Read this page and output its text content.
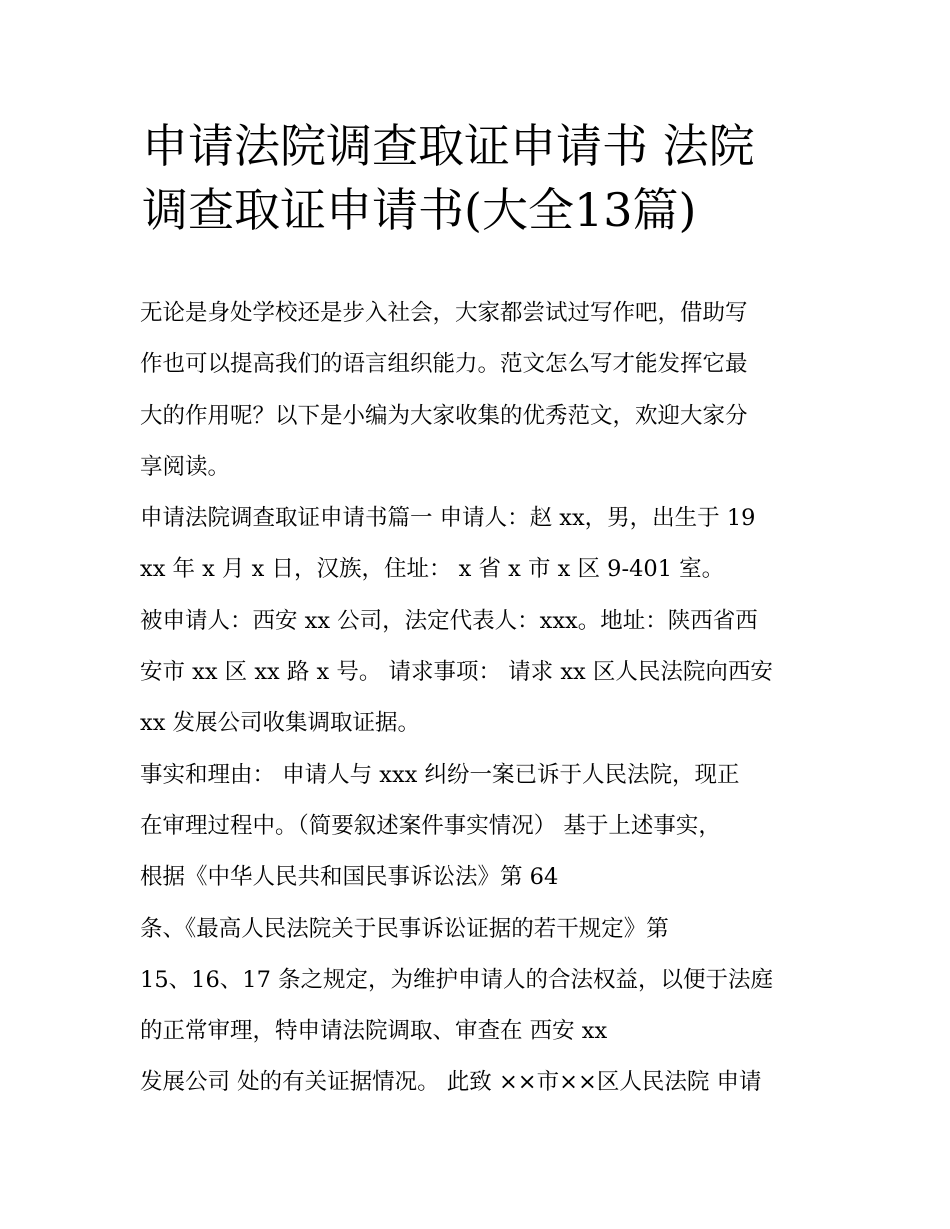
申请法院调查取证申请书 法院
调查取证申请书(大全13篇)
无论是身处学校还是步入社会，大家都尝试过写作吧，借助写
作也可以提高我们的语言组织能力。范文怎么写才能发挥它最
大的作用呢？以下是小编为大家收集的优秀范文，欢迎大家分
享阅读。
申请法院调查取证申请书篇一 申请人：赵 xx，男，出生于 19
xx 年 x 月 x 日，汉族，住址： x 省 x 市 x 区 9-401 室。
被申请人：西安 xx 公司，法定代表人：xxx。地址：陕西省西
安市 xx 区 xx 路 x 号。 请求事项： 请求 xx 区人民法院向西安
xx 发展公司收集调取证据。
事实和理由： 申请人与 xxx 纠纷一案已诉于人民法院，现正
在审理过程中。（简要叙述案件事实情况） 基于上述事实，
根据《中华人民共和国民事诉讼法》第 64
条、《最高人民法院关于民事诉讼证据的若干规定》第
15、16、17 条之规定，为维护申请人的合法权益，以便于法庭
的正常审理，特申请法院调取、审查在 西安 xx
发展公司 处的有关证据情况。 此致 ××市××区人民法院 申请
